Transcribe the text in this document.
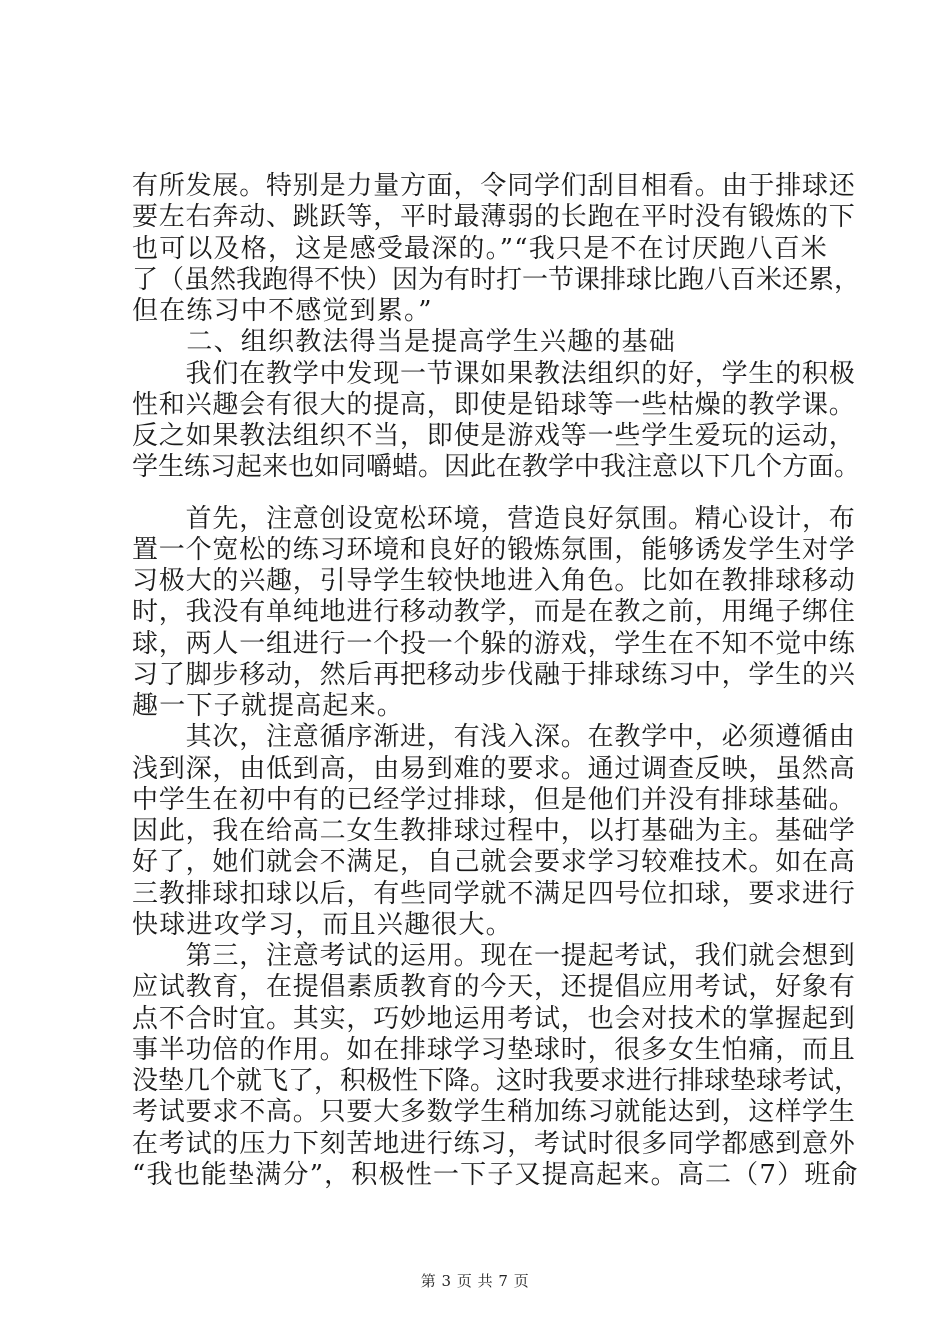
有所发展。特别是力量方面，令同学们刮目相看。由于排球还

要左右奔动、跳跃等，平时最薄弱的长跑在平时没有锻炼的下

也可以及格，这是感受最深的。”“我只是不在讨厌跑八百米

了（虽然我跑得不快）因为有时打一节课排球比跑八百米还累，

但在练习中不感觉到累。”

　　二、组织教法得当是提高学生兴趣的基础

　　我们在教学中发现一节课如果教法组织的好，学生的积极

性和兴趣会有很大的提高，即使是铅球等一些枯燥的教学课。

反之如果教法组织不当，即使是游戏等一些学生爱玩的运动，

学生练习起来也如同嚼蜡。因此在教学中我注意以下几个方面。

　　首先，注意创设宽松环境，营造良好氛围。精心设计，布

置一个宽松的练习环境和良好的锻炼氛围，能够诱发学生对学

习极大的兴趣，引导学生较快地进入角色。比如在教排球移动

时，我没有单纯地进行移动教学，而是在教之前，用绳子绑住

球，两人一组进行一个投一个躲的游戏，学生在不知不觉中练

习了脚步移动，然后再把移动步伐融于排球练习中，学生的兴

趣一下子就提高起来。

　　其次，注意循序渐进，有浅入深。在教学中，必须遵循由

浅到深，由低到高，由易到难的要求。通过调查反映，虽然高

中学生在初中有的已经学过排球，但是他们并没有排球基础。

因此，我在给高二女生教排球过程中，以打基础为主。基础学

好了，她们就会不满足，自己就会要求学习较难技术。如在高

三教排球扣球以后，有些同学就不满足四号位扣球，要求进行

快球进攻学习，而且兴趣很大。

　　第三，注意考试的运用。现在一提起考试，我们就会想到

应试教育，在提倡素质教育的今天，还提倡应用考试，好象有

点不合时宜。其实，巧妙地运用考试，也会对技术的掌握起到

事半功倍的作用。如在排球学习垫球时，很多女生怕痛，而且

没垫几个就飞了，积极性下降。这时我要求进行排球垫球考试，

考试要求不高。只要大多数学生稍加练习就能达到，这样学生

在考试的压力下刻苦地进行练习，考试时很多同学都感到意外

“我也能垫满分”，积极性一下子又提高起来。高二（7）班俞

第 3 页 共 7 页
